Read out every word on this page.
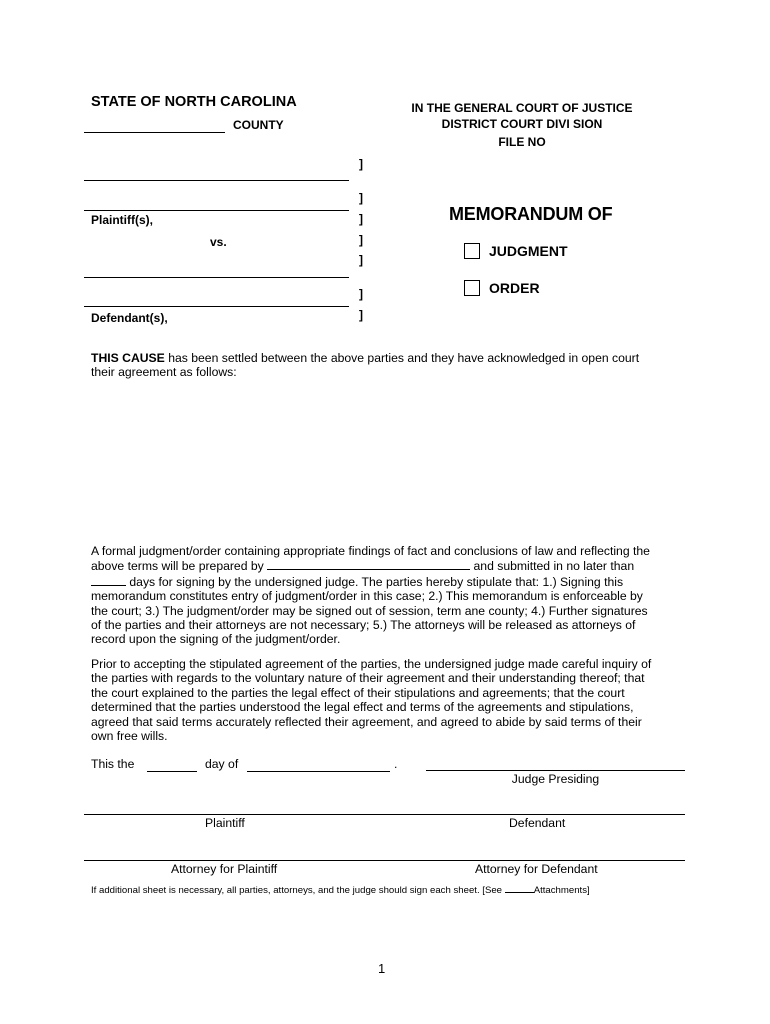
STATE OF NORTH CAROLINA
COUNTY
IN THE GENERAL COURT OF JUSTICE
DISTRICT COURT DIVI SION
FILE NO
Plaintiff(s),
vs.
Defendant(s),
]
]
]
]
]
]
]
MEMORANDUM OF
JUDGMENT
ORDER
THIS CAUSE has been settled between the above parties and they have acknowledged in open court
their agreement as follows:
A formal judgment/order containing appropriate findings of fact and conclusions of law and reflecting the
above terms will be prepared by	and submitted in no later than
days for signing by the undersigned judge. The parties hereby stipulate that: 1.) Signing this
memorandum constitutes entry of judgment/order in this case; 2.) This memorandum is enforceable by
the court; 3.) The judgment/order may be signed out of session, term ane county; 4.) Further signatures
of the parties and their attorneys are not necessary; 5.) The attorneys will be released as attorneys of
record upon the signing of the judgment/order.
Prior to accepting the stipulated agreement of the parties, the undersigned judge made careful inquiry of
the parties with regards to the voluntary nature of their agreement and their understanding thereof; that
the court explained to the parties the legal effect of their stipulations and agreements; that the court
determined that the parties understood the legal effect and terms of the agreements and stipulations,
agreed that said terms accurately reflected their agreement, and agreed to abide by said terms of their
own free wills.
This the	day of	.
Judge Presiding
Plaintiff	Defendant
Attorney for Plaintiff	Attorney for Defendant
If additional sheet is necessary, all parties, attorneys, and the judge should sign each sheet. [See	Attachments]
1
